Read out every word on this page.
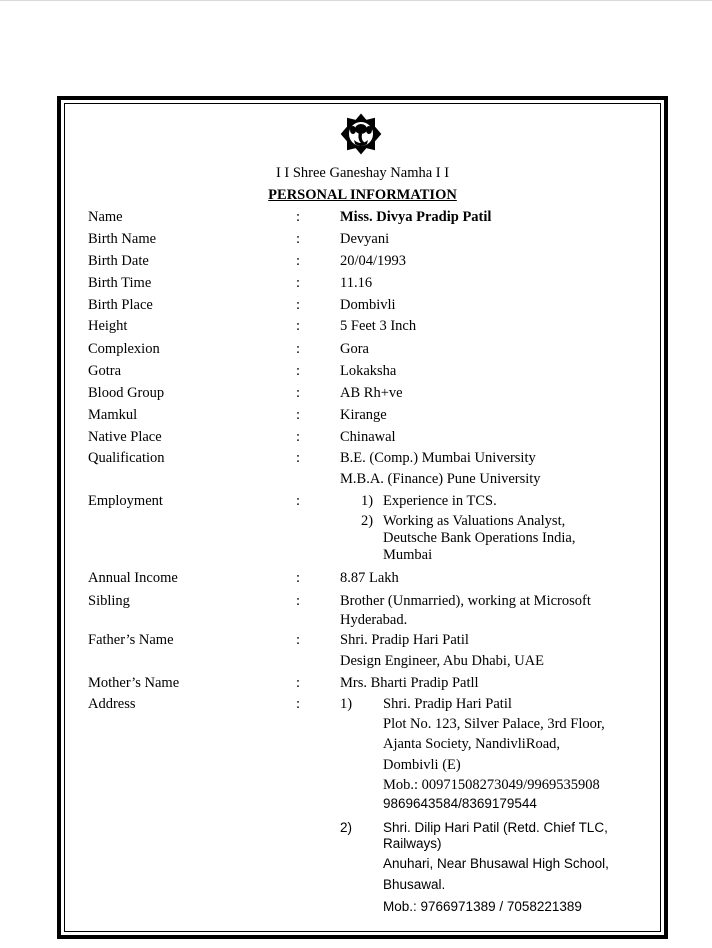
I I Shree Ganeshay Namha I I
PERSONAL INFORMATION
Name	:	Miss. Divya Pradip Patil
Birth Name	:	Devyani
Birth Date	:	20/04/1993
Birth Time	:	11.16
Birth Place	:	Dombivli
Height	:	5 Feet 3 Inch
Complexion	:	Gora
Gotra	:	Lokaksha
Blood Group	:	AB Rh+ve
Mamkul	:	Kirange
Native Place	:	Chinawal
Qualification	:	B.E. (Comp.) Mumbai University
M.B.A. (Finance) Pune University
Employment	:	1) Experience in TCS.
2) Working as Valuations Analyst,
Deutsche Bank Operations India,
Mumbai
Annual Income	:	8.87 Lakh
Sibling	:	Brother (Unmarried), working at Microsoft
Hyderabad.
Father’s Name	:	Shri. Pradip Hari Patil
Design Engineer, Abu Dhabi, UAE
Mother’s Name	:	Mrs. Bharti Pradip Patll
Address	:	1) Shri. Pradip Hari Patil
Plot No. 123, Silver Palace, 3rd Floor,
Ajanta Society, NandivliRoad,
Dombivli (E)
Mob.: 00971508273049/9969535908
9869643584/8369179544
2) Shri. Dilip Hari Patil (Retd. Chief TLC,
Railways)
Anuhari, Near Bhusawal High School,
Bhusawal.
Mob.: 9766971389 / 7058221389
